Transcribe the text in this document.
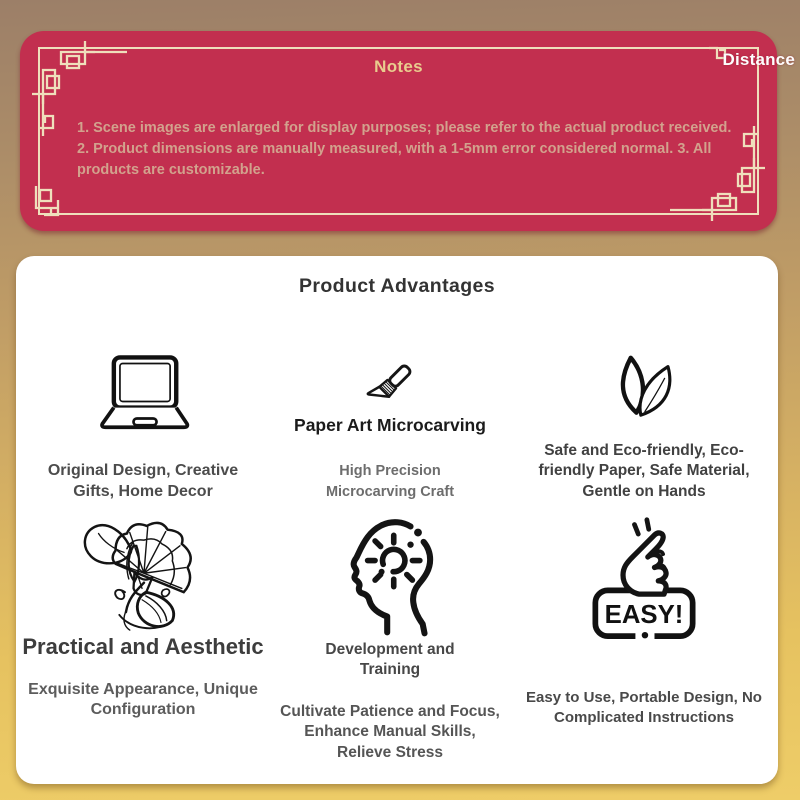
Notes

1. Scene images are enlarged for display purposes; please refer to the actual product received. 2. Product dimensions are manually measured, with a 1-5mm error considered normal. 3. All products are customizable.

Distance
Product Advantages

Original Design, Creative Gifts, Home Decor

Paper Art Microcarving

High Precision Microcarving Craft

Safe and Eco-friendly, Eco-friendly Paper, Safe Material, Gentle on Hands

Practical and Aesthetic

Exquisite Appearance, Unique Configuration

Development and Training

Cultivate Patience and Focus, Enhance Manual Skills, Relieve Stress

EASY!

Easy to Use, Portable Design, No Complicated Instructions
